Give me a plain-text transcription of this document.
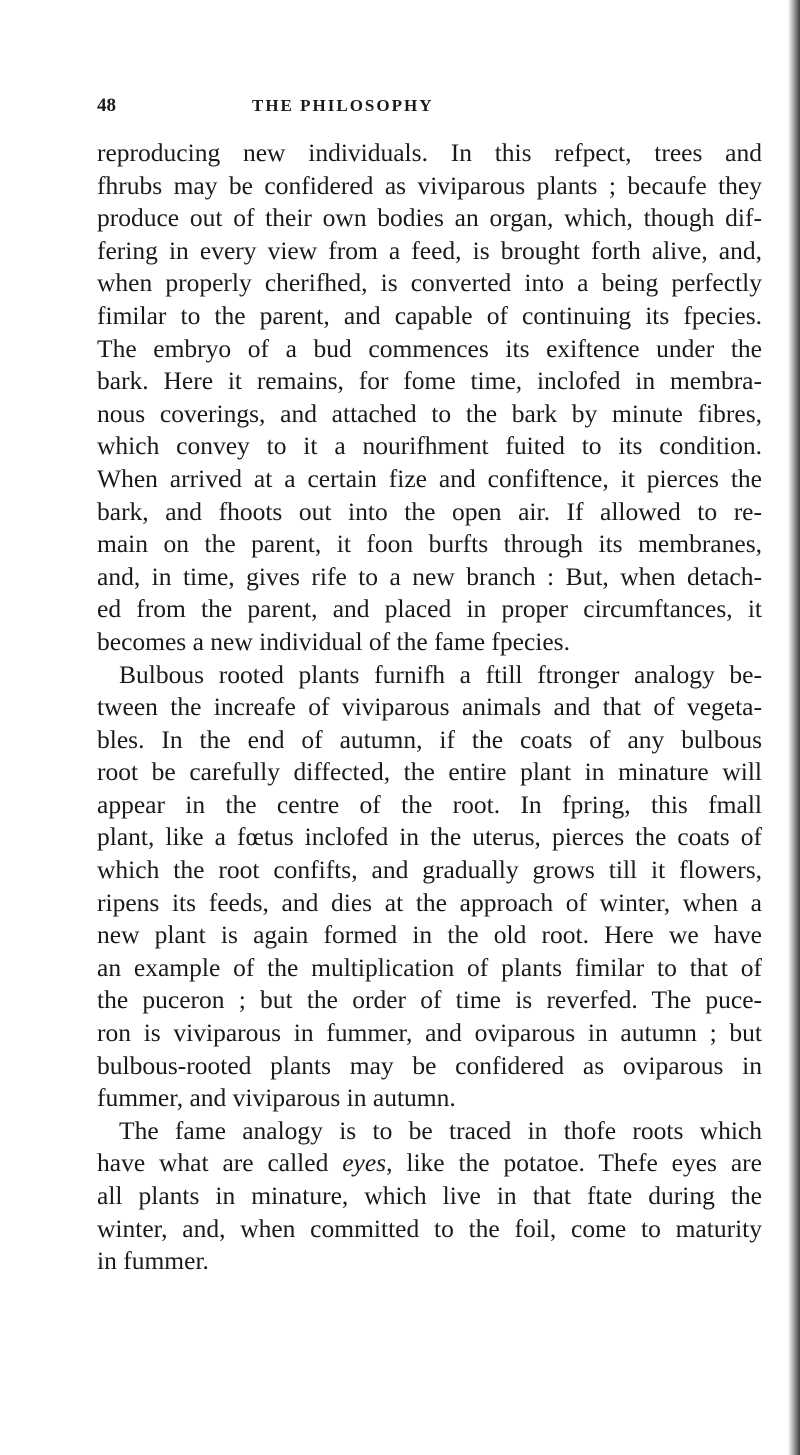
48	THE PHILOSOPHY
reproducing new individuals. In this refpect, trees and
fhrubs may be confidered as viviparous plants ; becaufe they
produce out of their own bodies an organ, which, though dif-
fering in every view from a feed, is brought forth alive, and,
when properly cherifhed, is converted into a being perfectly
fimilar to the parent, and capable of continuing its fpecies.
The embryo of a bud commences its exiftence under the
bark. Here it remains, for fome time, inclofed in membra-
nous coverings, and attached to the bark by minute fibres,
which convey to it a nourifhment fuited to its condition.
When arrived at a certain fize and confiftence, it pierces the
bark, and fhoots out into the open air. If allowed to re-
main on the parent, it foon burfts through its membranes,
and, in time, gives rife to a new branch : But, when detach-
ed from the parent, and placed in proper circumftances, it
becomes a new individual of the fame fpecies.
Bulbous rooted plants furnifh a ftill ftronger analogy be-
tween the increafe of viviparous animals and that of vegeta-
bles. In the end of autumn, if the coats of any bulbous
root be carefully diffected, the entire plant in minature will
appear in the centre of the root. In fpring, this fmall
plant, like a fœtus inclofed in the uterus, pierces the coats of
which the root confifts, and gradually grows till it flowers,
ripens its feeds, and dies at the approach of winter, when a
new plant is again formed in the old root. Here we have
an example of the multiplication of plants fimilar to that of
the puceron ; but the order of time is reverfed. The puce-
ron is viviparous in fummer, and oviparous in autumn ; but
bulbous-rooted plants may be confidered as oviparous in
fummer, and viviparous in autumn.
The fame analogy is to be traced in thofe roots which
have what are called eyes, like the potatoe. Thefe eyes are
all plants in minature, which live in that ftate during the
winter, and, when committed to the foil, come to maturity
in fummer.
